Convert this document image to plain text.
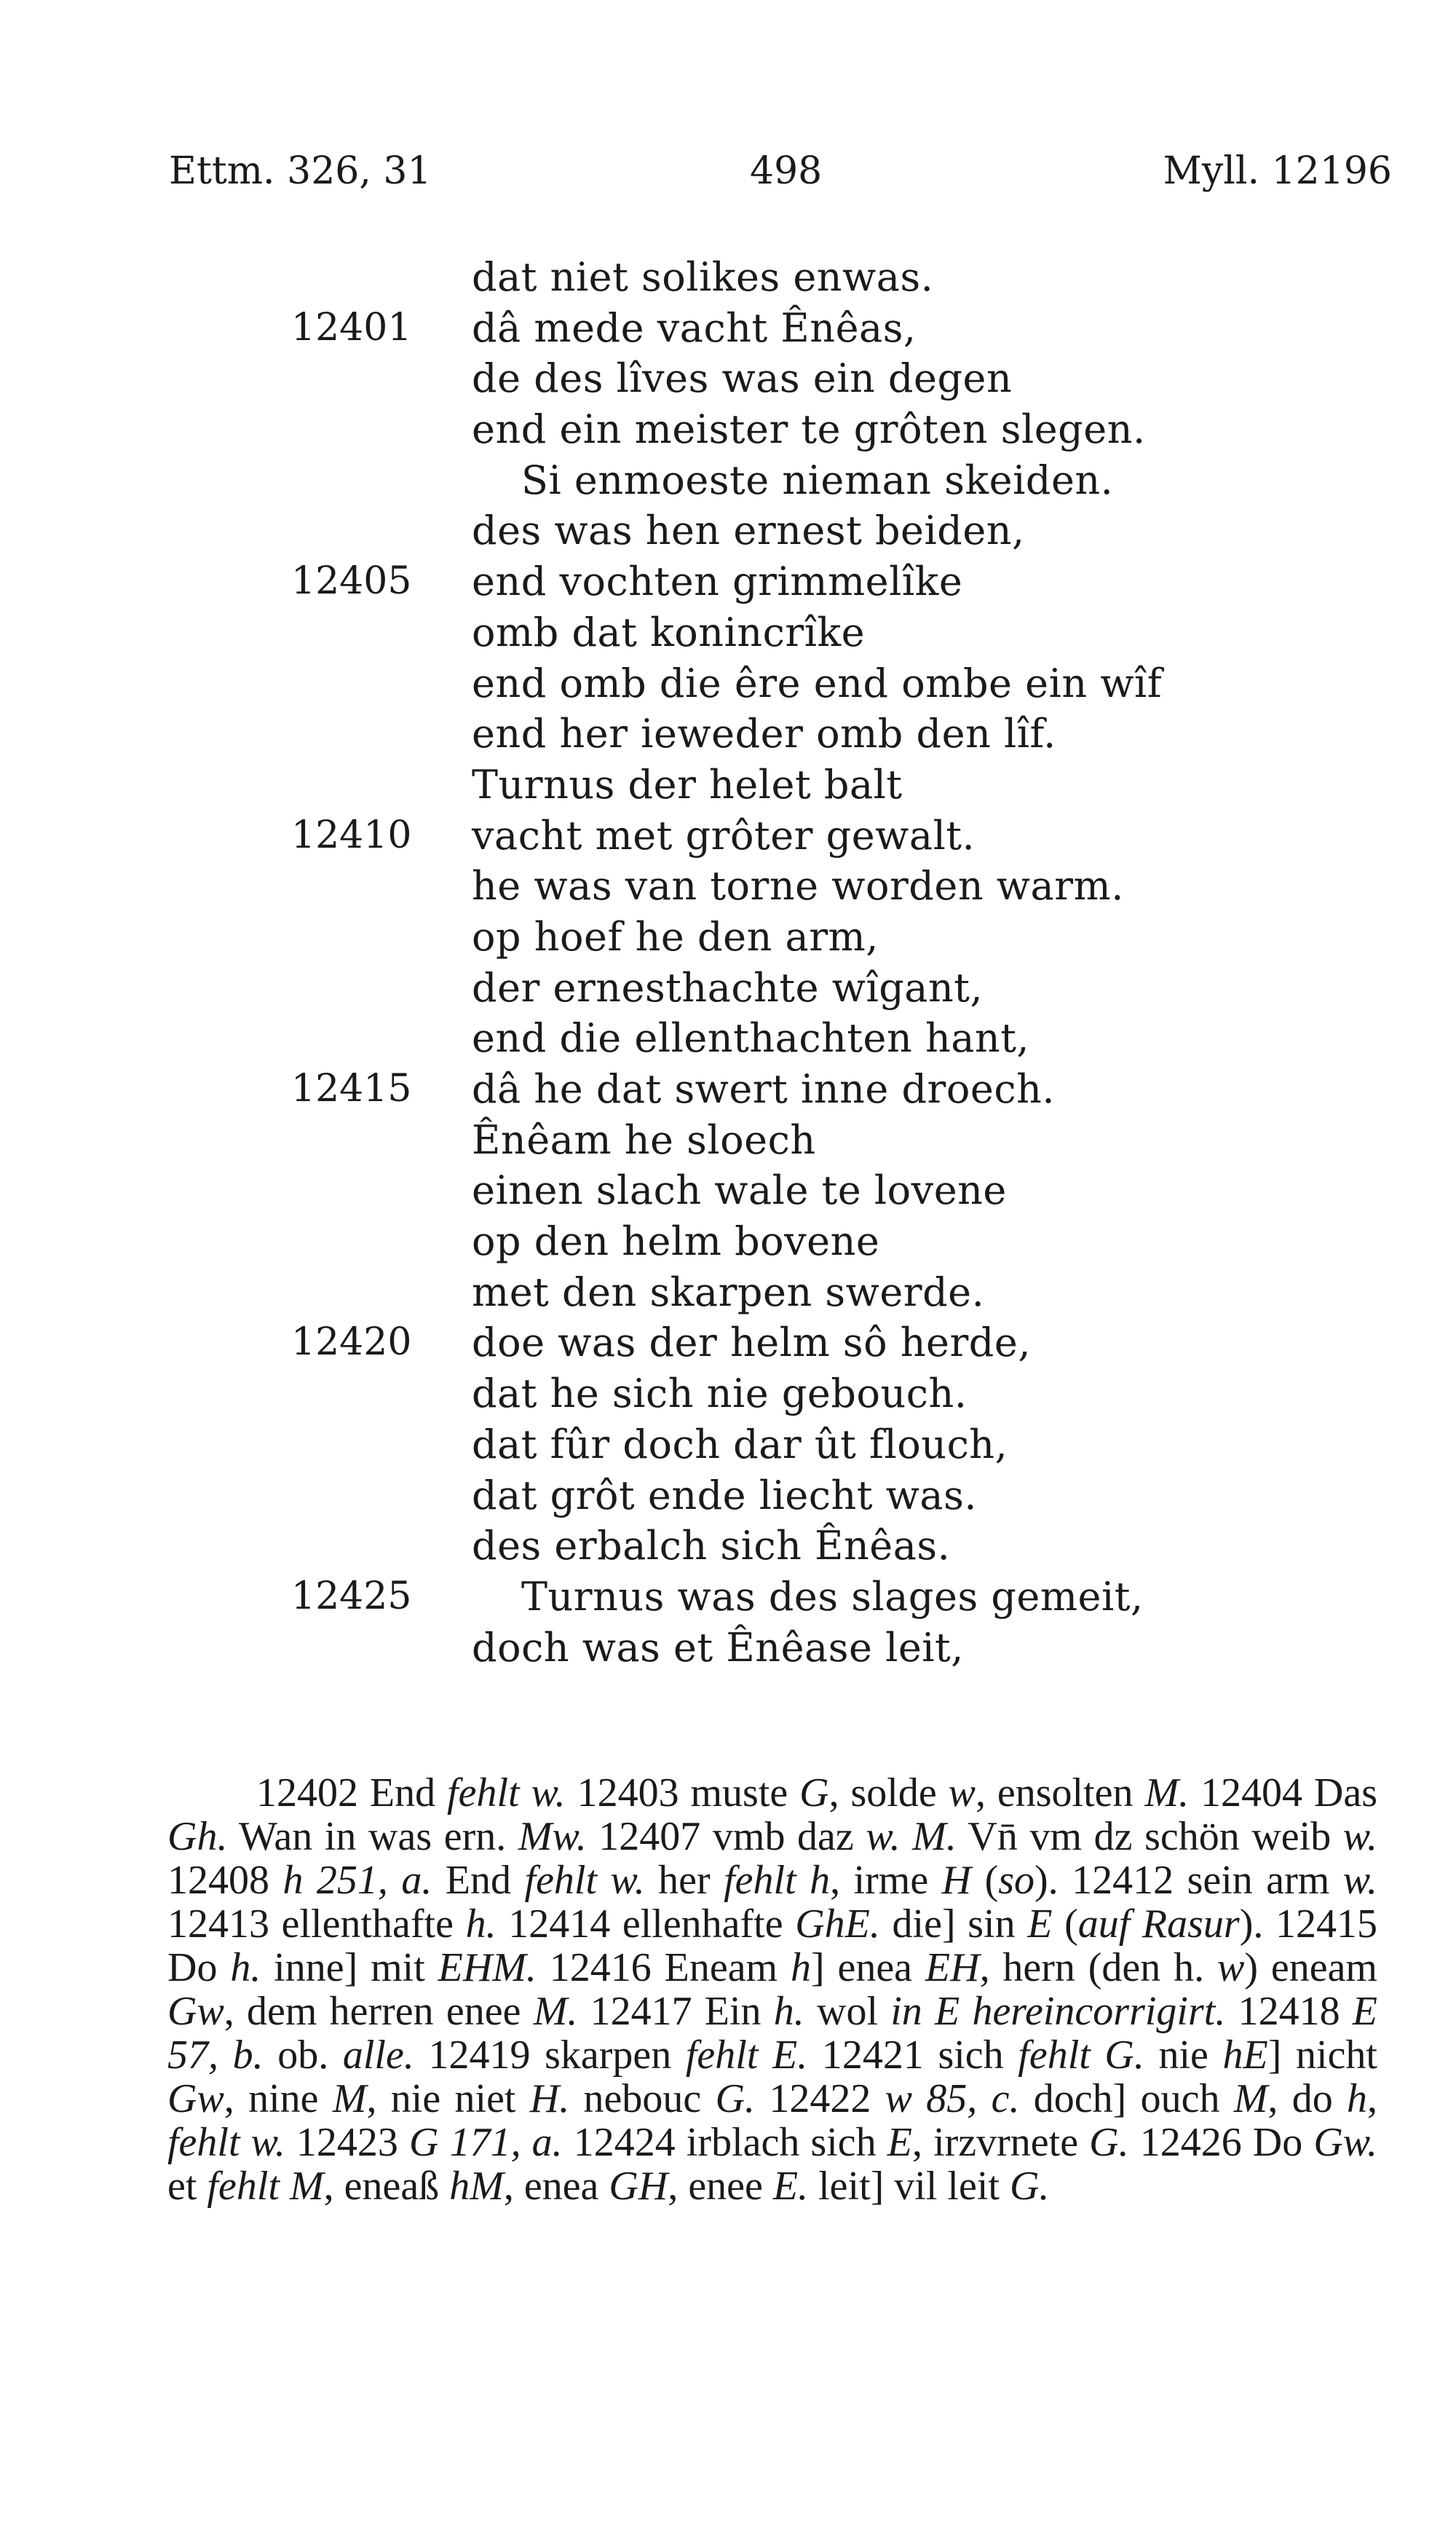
Ettm. 326, 31	498	Myll. 12196
dat niet solikes enwas.
12401 dâ mede vacht Ênêas,
de des lîves was ein degen
end ein meister te grôten slegen.
Si enmoeste nieman skeiden.
des was hen ernest beiden,
12405 end vochten grimmelîke
omb dat konincrîke
end omb die êre end ombe ein wîf
end her ieweder omb den lîf.
Turnus der helet balt
12410 vacht met grôter gewalt.
he was van torne worden warm.
op hoef he den arm,
der ernesthachte wîgant,
end die ellenthachten hant,
12415 dâ he dat swert inne droech.
Ênêam he sloech
einen slach wale te lovene
op den helm bovene
met den skarpen swerde.
12420 doe was der helm sô herde,
dat he sich nie gebouch.
dat fûr doch dar ût flouch,
dat grôt ende liecht was.
des erbalch sich Ênêas.
12425	Turnus was des slages gemeit,
doch was et Ênêase leit,
12402 End fehlt w. 12403 muste G, solde w, ensolten M. 12404 Das Gh. Wan in was ern. Mw. 12407 vmb daz w. M. Vn̄ vm dz schön weib w. 12408 h 251, a. End fehlt w. her fehlt h, irme H (so). 12412 sein arm w. 12413 ellenthafte h. 12414 ellenhafte GhE. die] sin E (auf Rasur). 12415 Do h. inne] mit EHM. 12416 Eneam h] enea EH, hern (den h. w) eneam Gw, dem herren enee M. 12417 Ein h. wol in E hereincorrigirt. 12418 E 57, b. ob. alle. 12419 skarpen fehlt E. 12421 sich fehlt G. nie hE] nicht Gw, nine M, nie niet H. nebouc G. 12422 w 85, c. doch] ouch M, do h, fehlt w. 12423 G 171, a. 12424 irblach sich E, irzvrnete G. 12426 Do Gw. et fehlt M, eneaß hM, enea GH, enee E. leit] vil leit G.
